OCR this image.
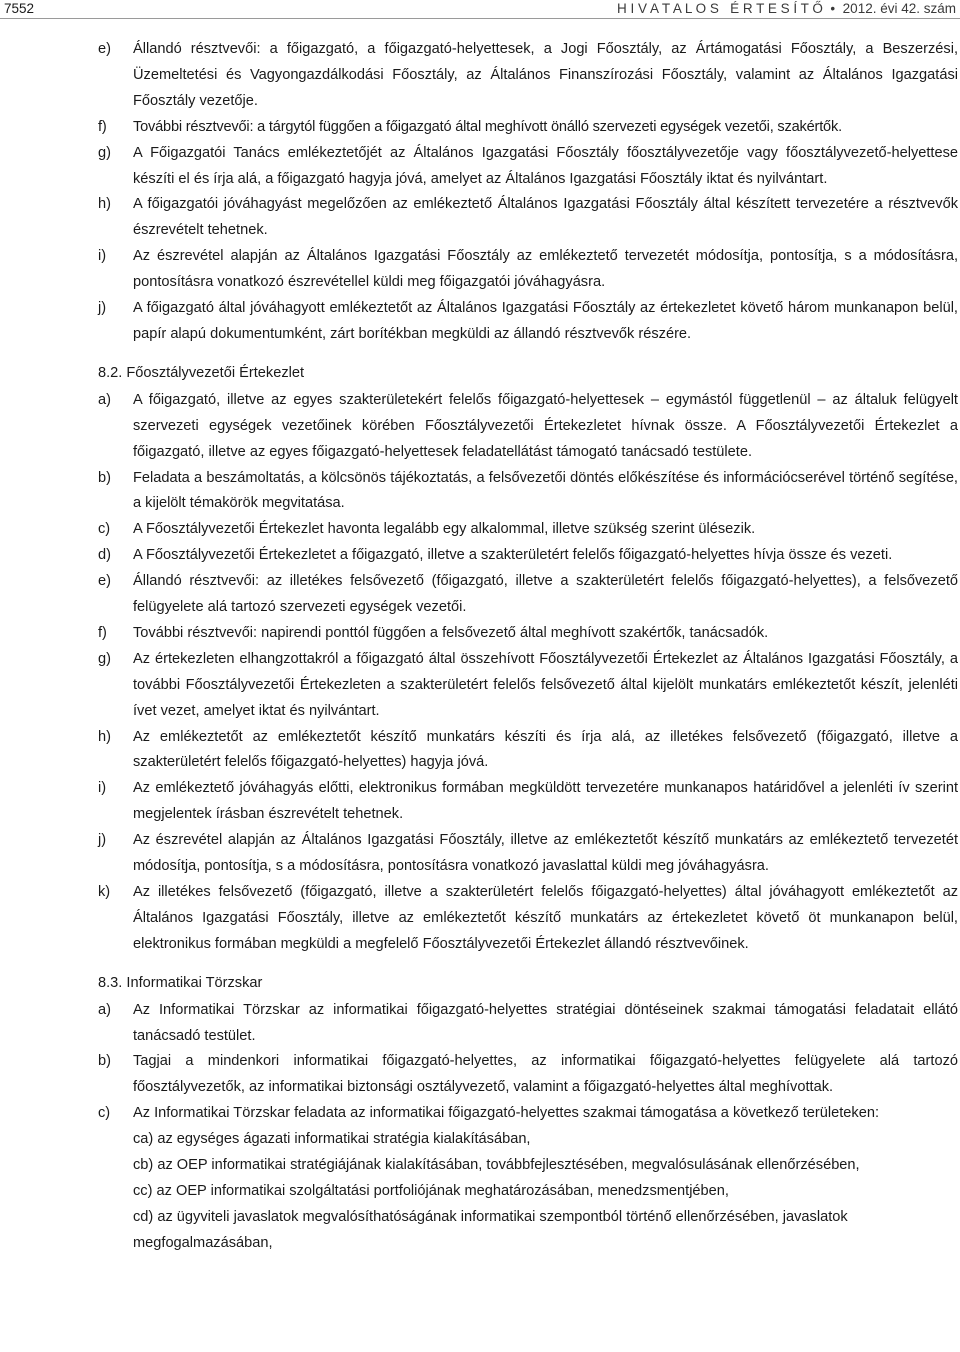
7552	H I V A T A L O S   É R T E S Í T Ő • 2012. évi 42. szám
e) Állandó résztvevői: a főigazgató, a főigazgató-helyettesek, a Jogi Főosztály, az Ártámogatási Főosztály, a Beszerzési, Üzemeltetési és Vagyongazdálkodási Főosztály, az Általános Finanszírozási Főosztály, valamint az Általános Igazgatási Főosztály vezetője.
f) További résztvevői: a tárgytól függően a főigazgató által meghívott önálló szervezeti egységek vezetői, szakértők.
g) A Főigazgatói Tanács emlékeztetőjét az Általános Igazgatási Főosztály főosztályvezetője vagy főosztályvezető-helyettese készíti el és írja alá, a főigazgató hagyja jóvá, amelyet az Általános Igazgatási Főosztály iktat és nyilvántart.
h) A főigazgatói jóváhagyást megelőzően az emlékeztető Általános Igazgatási Főosztály által készített tervezetére a résztvevők észrevételt tehetnek.
i) Az észrevétel alapján az Általános Igazgatási Főosztály az emlékeztető tervezetét módosítja, pontosítja, s a módosításra, pontosításra vonatkozó észrevétellel küldi meg főigazgatói jóváhagyásra.
j) A főigazgató által jóváhagyott emlékeztetőt az Általános Igazgatási Főosztály az értekezletet követő három munkanapon belül, papír alapú dokumentumként, zárt borítékban megküldi az állandó résztvevők részére.
8.2. Főosztályvezetői Értekezlet
a) A főigazgató, illetve az egyes szakterületekért felelős főigazgató-helyettesek – egymástól függetlenül – az általuk felügyelt szervezeti egységek vezetőinek körében Főosztályvezetői Értekezletet hívnak össze. A Főosztályvezetői Értekezlet a főigazgató, illetve az egyes főigazgató-helyettesek feladatellátást támogató tanácsadó testülete.
b) Feladata a beszámoltatás, a kölcsönös tájékoztatás, a felsővezetői döntés előkészítése és információcserével történő segítése, a kijelölt témakörök megvitatása.
c) A Főosztályvezetői Értekezlet havonta legalább egy alkalommal, illetve szükség szerint ülésezik.
d) A Főosztályvezetői Értekezletet a főigazgató, illetve a szakterületért felelős főigazgató-helyettes hívja össze és vezeti.
e) Állandó résztvevői: az illetékes felsővezető (főigazgató, illetve a szakterületért felelős főigazgató-helyettes), a felsővezető felügyelete alá tartozó szervezeti egységek vezetői.
f) További résztvevői: napirendi ponttól függően a felsővezető által meghívott szakértők, tanácsadók.
g) Az értekezleten elhangzottakról a főigazgató által összehívott Főosztályvezetői Értekezlet az Általános Igazgatási Főosztály, a további Főosztályvezetői Értekezleten a szakterületért felelős felsővezető által kijelölt munkatárs emlékeztetőt készít, jelenléti ívet vezet, amelyet iktat és nyilvántart.
h) Az emlékeztetőt az emlékeztetőt készítő munkatárs készíti és írja alá, az illetékes felsővezető (főigazgató, illetve a szakterületért felelős főigazgató-helyettes) hagyja jóvá.
i) Az emlékeztető jóváhagyás előtti, elektronikus formában megküldött tervezetére munkanapos határidővel a jelenléti ív szerint megjelentek írásban észrevételt tehetnek.
j) Az észrevétel alapján az Általános Igazgatási Főosztály, illetve az emlékeztetőt készítő munkatárs az emlékeztető tervezetét módosítja, pontosítja, s a módosításra, pontosításra vonatkozó javaslattal küldi meg jóváhagyásra.
k) Az illetékes felsővezető (főigazgató, illetve a szakterületért felelős főigazgató-helyettes) által jóváhagyott emlékeztetőt az Általános Igazgatási Főosztály, illetve az emlékeztetőt készítő munkatárs az értekezletet követő öt munkanapon belül, elektronikus formában megküldi a megfelelő Főosztályvezetői Értekezlet állandó résztvevőinek.
8.3. Informatikai Törzskar
a) Az Informatikai Törzskar az informatikai főigazgató-helyettes stratégiai döntéseinek szakmai támogatási feladatait ellátó tanácsadó testület.
b) Tagjai a mindenkori informatikai főigazgató-helyettes, az informatikai főigazgató-helyettes felügyelete alá tartozó főosztályvezetők, az informatikai biztonsági osztályvezető, valamint a főigazgató-helyettes által meghívottak.
c) Az Informatikai Törzskar feladata az informatikai főigazgató-helyettes szakmai támogatása a következő területeken:
ca) az egységes ágazati informatikai stratégia kialakításában,
cb) az OEP informatikai stratégiájának kialakításában, továbbfejlesztésében, megvalósulásának ellenőrzésében,
cc) az OEP informatikai szolgáltatási portfoliójának meghatározásában, menedzsmentjében,
cd) az ügyviteli javaslatok megvalósíthatóságának informatikai szempontból történő ellenőrzésében, javaslatok megfogalmazásában,
